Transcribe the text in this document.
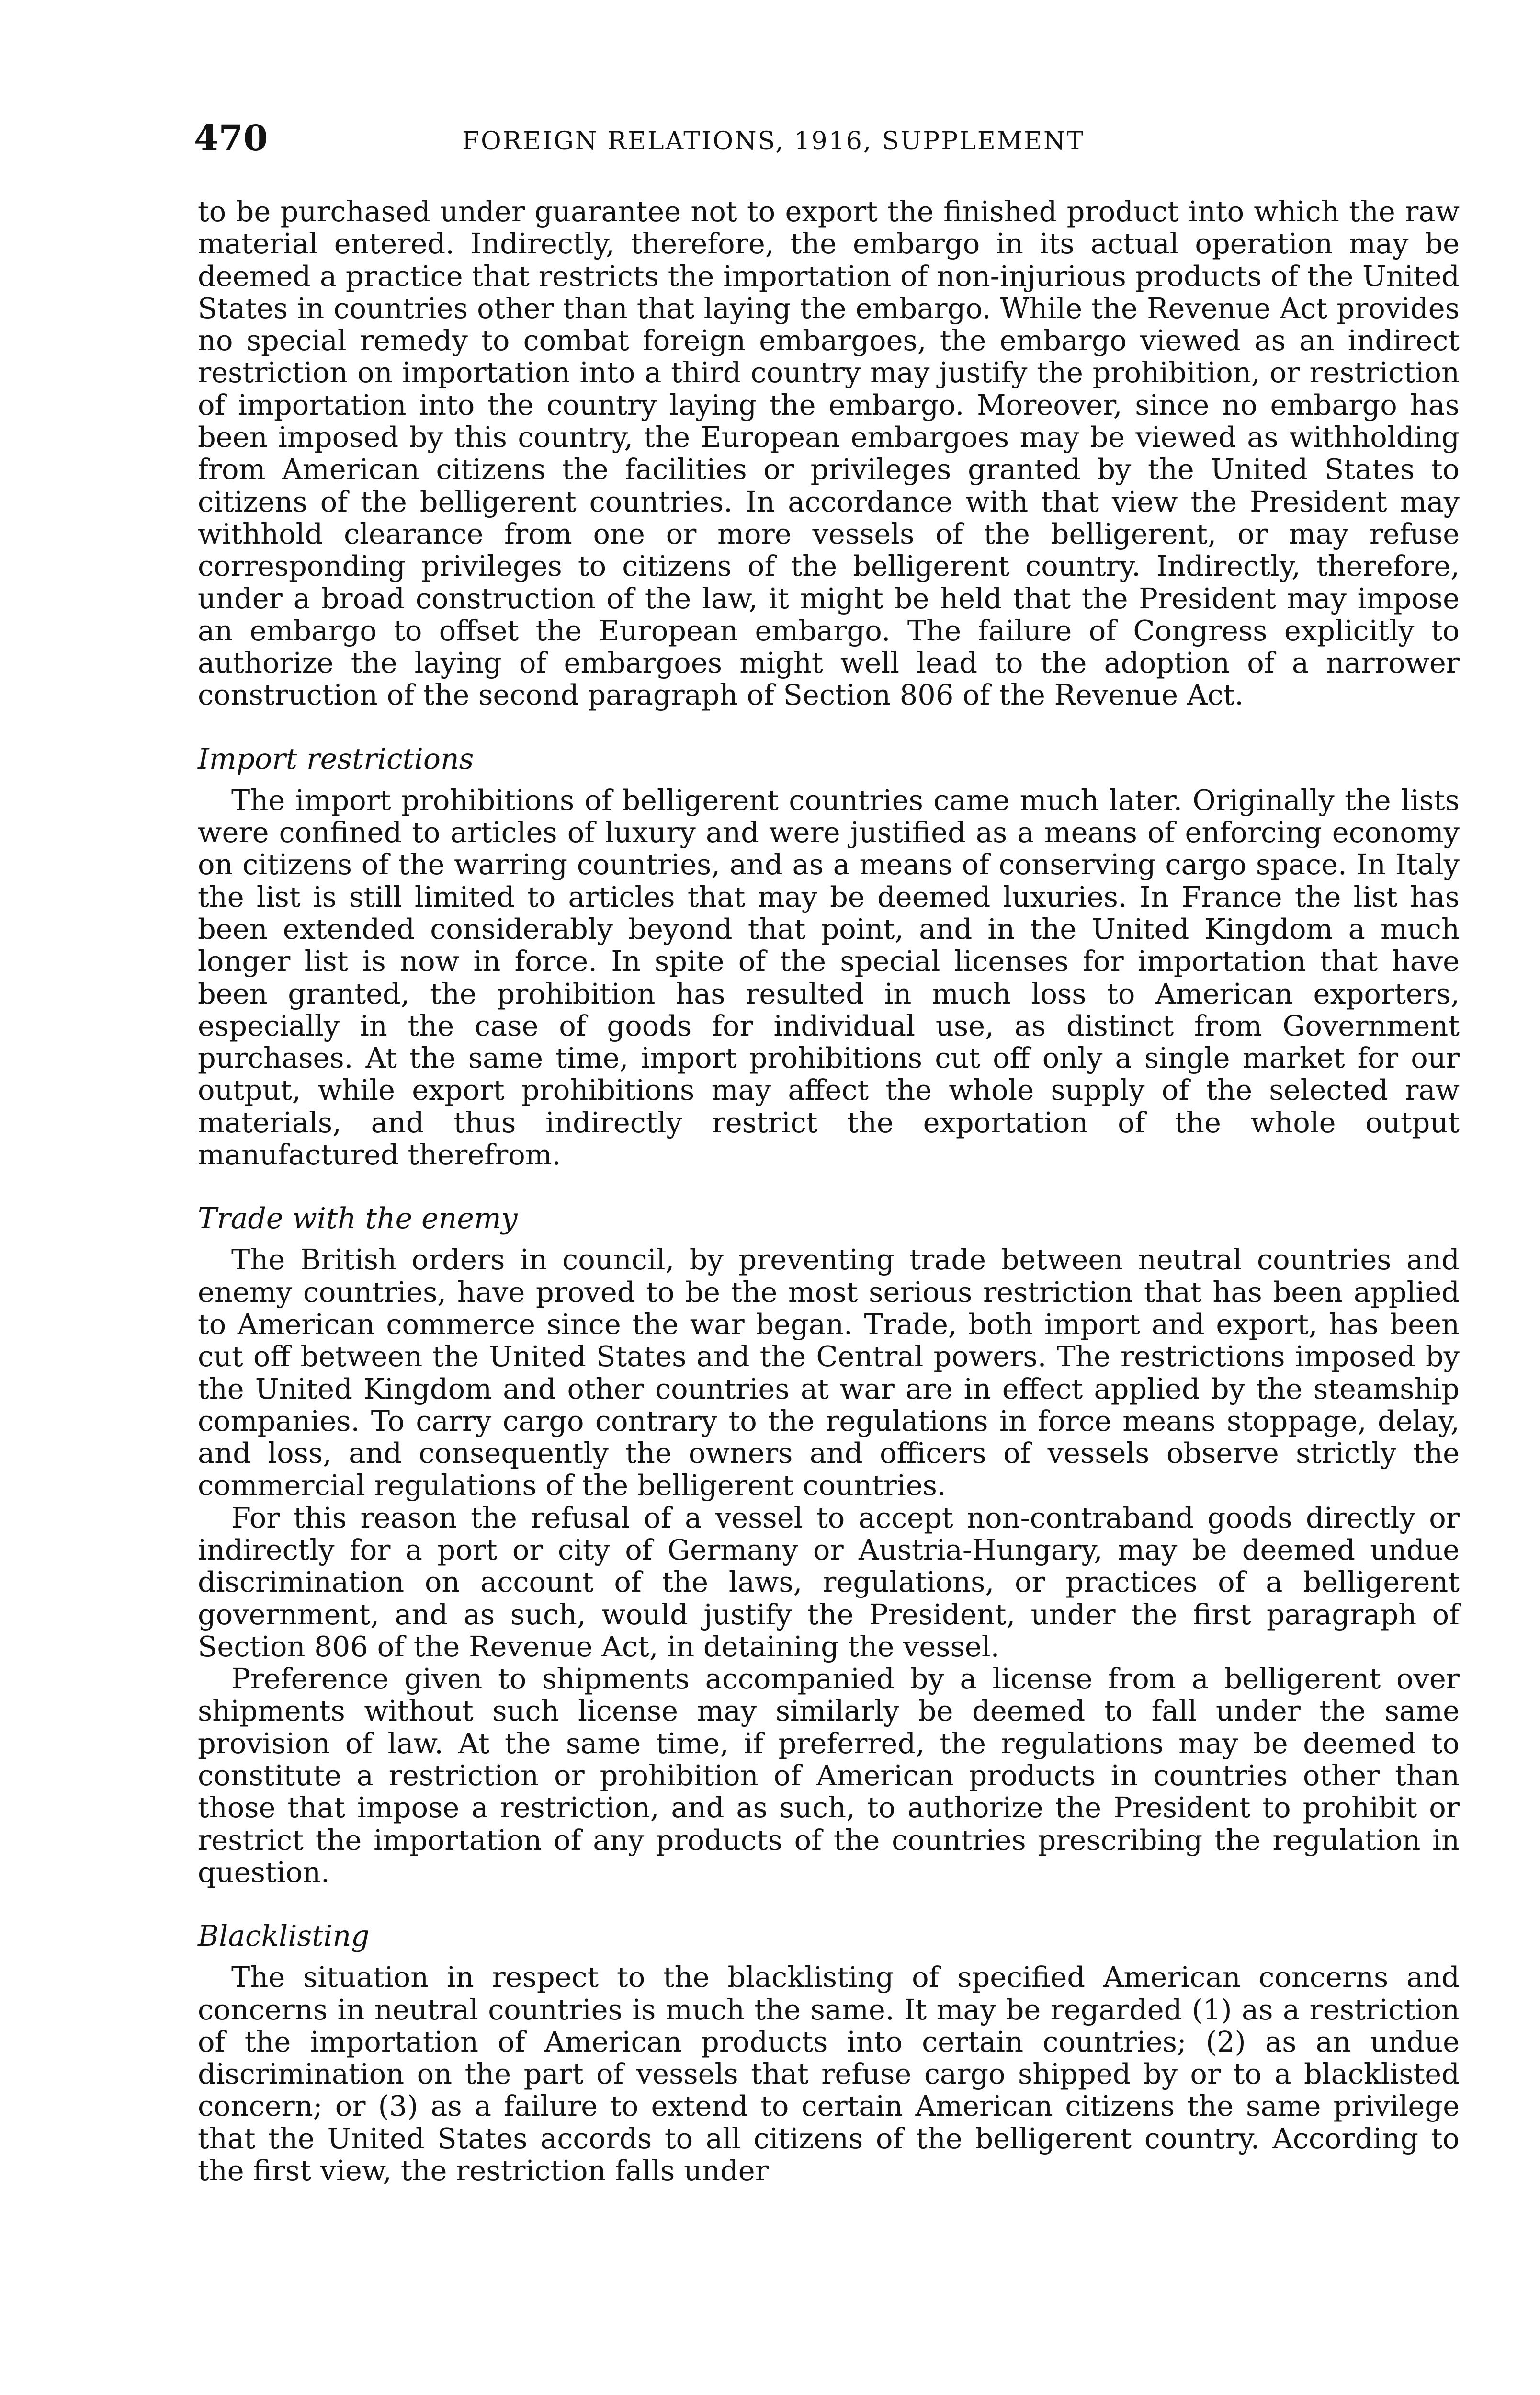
470	FOREIGN RELATIONS, 1916, SUPPLEMENT

to be purchased under guarantee not to export the finished product into which the raw material entered. Indirectly, therefore, the embargo in its actual operation may be deemed a practice that restricts the importation of non-injurious products of the United States in countries other than that laying the embargo. While the Revenue Act provides no special remedy to combat foreign embargoes, the embargo viewed as an indirect restriction on importation into a third country may justify the prohibition, or restriction of importation into the country laying the embargo. Moreover, since no embargo has been imposed by this country, the European embargoes may be viewed as withholding from American citizens the facilities or privileges granted by the United States to citizens of the belligerent countries. In accordance with that view the President may withhold clearance from one or more vessels of the belligerent, or may refuse corresponding privileges to citizens of the belligerent country. Indirectly, therefore, under a broad construction of the law, it might be held that the President may impose an embargo to offset the European embargo. The failure of Congress explicitly to authorize the laying of embargoes might well lead to the adoption of a narrower construction of the second paragraph of Section 806 of the Revenue Act.

Import restrictions

The import prohibitions of belligerent countries came much later. Originally the lists were confined to articles of luxury and were justified as a means of enforcing economy on citizens of the warring countries, and as a means of conserving cargo space. In Italy the list is still limited to articles that may be deemed luxuries. In France the list has been extended considerably beyond that point, and in the United Kingdom a much longer list is now in force. In spite of the special licenses for importation that have been granted, the prohibition has resulted in much loss to American exporters, especially in the case of goods for individual use, as distinct from Government purchases. At the same time, import prohibitions cut off only a single market for our output, while export prohibitions may affect the whole supply of the selected raw materials, and thus indirectly restrict the exportation of the whole output manufactured therefrom.

Trade with the enemy

The British orders in council, by preventing trade between neutral countries and enemy countries, have proved to be the most serious restriction that has been applied to American commerce since the war began. Trade, both import and export, has been cut off between the United States and the Central powers. The restrictions imposed by the United Kingdom and other countries at war are in effect applied by the steamship companies. To carry cargo contrary to the regulations in force means stoppage, delay, and loss, and consequently the owners and officers of vessels observe strictly the commercial regulations of the belligerent countries.

For this reason the refusal of a vessel to accept non-contraband goods directly or indirectly for a port or city of Germany or Austria-Hungary, may be deemed undue discrimination on account of the laws, regulations, or practices of a belligerent government, and as such, would justify the President, under the first paragraph of Section 806 of the Revenue Act, in detaining the vessel.

Preference given to shipments accompanied by a license from a belligerent over shipments without such license may similarly be deemed to fall under the same provision of law. At the same time, if preferred, the regulations may be deemed to constitute a restriction or prohibition of American products in countries other than those that impose a restriction, and as such, to authorize the President to prohibit or restrict the importation of any products of the countries prescribing the regulation in question.

Blacklisting

The situation in respect to the blacklisting of specified American concerns and concerns in neutral countries is much the same. It may be regarded (1) as a restriction of the importation of American products into certain countries; (2) as an undue discrimination on the part of vessels that refuse cargo shipped by or to a blacklisted concern; or (3) as a failure to extend to certain American citizens the same privilege that the United States accords to all citizens of the belligerent country. According to the first view, the restriction falls under
